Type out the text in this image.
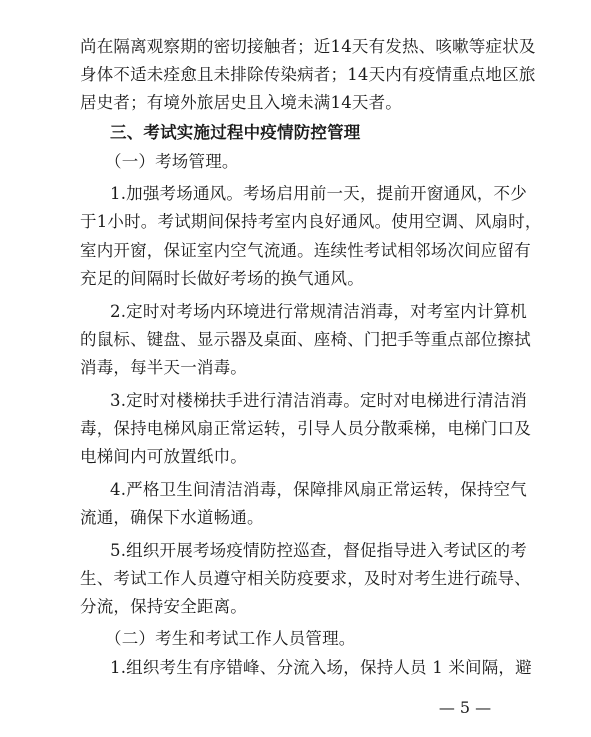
尚在隔离观察期的密切接触者；近14天有发热、咳嗽等症状及
身体不适未痊愈且未排除传染病者；14天内有疫情重点地区旅
居史者；有境外旅居史且入境未满14天者。
三、考试实施过程中疫情防控管理
（一）考场管理。
1.加强考场通风。考场启用前一天，提前开窗通风，不少
于1小时。考试期间保持考室内良好通风。使用空调、风扇时，
室内开窗，保证室内空气流通。连续性考试相邻场次间应留有
充足的间隔时长做好考场的换气通风。
2.定时对考场内环境进行常规清洁消毒，对考室内计算机
的鼠标、键盘、显示器及桌面、座椅、门把手等重点部位擦拭
消毒，每半天一消毒。
3.定时对楼梯扶手进行清洁消毒。定时对电梯进行清洁消
毒，保持电梯风扇正常运转，引导人员分散乘梯，电梯门口及
电梯间内可放置纸巾。
4.严格卫生间清洁消毒，保障排风扇正常运转，保持空气
流通，确保下水道畅通。
5.组织开展考场疫情防控巡查，督促指导进入考试区的考
生、考试工作人员遵守相关防疫要求，及时对考生进行疏导、
分流，保持安全距离。
（二）考生和考试工作人员管理。
1.组织考生有序错峰、分流入场，保持人员 1 米间隔，避
— 5 —
